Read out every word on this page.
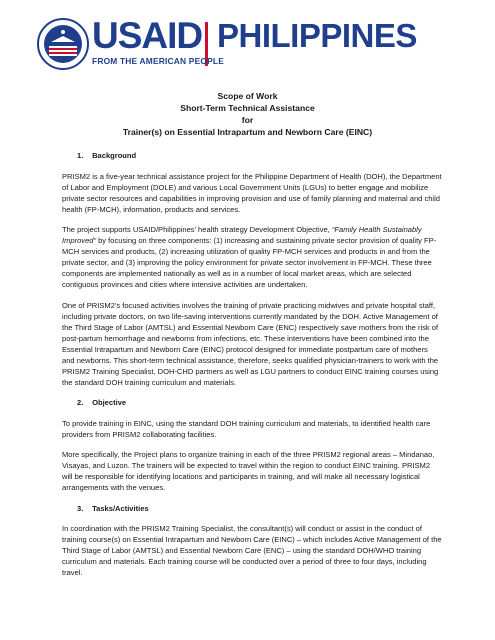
USAID PHILIPPINES
FROM THE AMERICAN PEOPLE
Scope of Work
Short-Term Technical Assistance
for
Trainer(s) on Essential Intrapartum and Newborn Care (EINC)
1. Background

PRISM2 is a five-year technical assistance project for the Philippine Department of Health (DOH), the Department of Labor and Employment (DOLE) and various Local Government Units (LGUs) to better engage and mobilize private sector resources and capabilities in improving provision and use of family planning and maternal and child health (FP-MCH), information, products and services.

The project supports USAID/Philippines’ health strategy Development Objective, “Family Health Sustainably Improved” by focusing on three components: (1) increasing and sustaining private sector provision of quality FP-MCH services and products, (2) increasing utilization of quality FP-MCH services and products in and from the private sector, and (3) improving the policy environment for private sector involvement in FP-MCH. These three components are implemented nationally as well as in a number of local market areas, which are selected contiguous provinces and cities where intensive activities are undertaken.

One of PRISM2’s focused activities involves the training of private practicing midwives and private hospital staff, including private doctors, on two life-saving interventions currently mandated by the DOH. Active Management of the Third Stage of Labor (AMTSL) and Essential Newborn Care (ENC) respectively save mothers from the risk of post-partum hemorrhage and newborns from infections, etc. These interventions have been combined into the Essential Intrapartum and Newborn Care (EINC) protocol designed for immediate postpartum care of mothers and newborns. This short-term technical assistance, therefore, seeks qualified physician-trainers to work with the PRISM2 Training Specialist, DOH-CHD partners as well as LGU partners to conduct EINC training courses using the standard DOH training curriculum and materials.

2. Objective

To provide training in EINC, using the standard DOH training curriculum and materials, to identified health care providers from PRISM2 collaborating facilities.

More specifically, the Project plans to organize training in each of the three PRISM2 regional areas – Mindanao, Visayas, and Luzon. The trainers will be expected to travel within the region to conduct EINC training. PRISM2 will be responsible for identifying locations and participants in training, and will make all necessary logistical arrangements with the venues.

3. Tasks/Activities

In coordination with the PRISM2 Training Specialist, the consultant(s) will conduct or assist in the conduct of training course(s) on Essential Intrapartum and Newborn Care (EINC) – which includes Active Management of the Third Stage of Labor (AMTSL) and Essential Newborn Care (ENC) – using the standard DOH/WHO training curriculum and materials. Each training course will be conducted over a period of three to four days, including travel.
